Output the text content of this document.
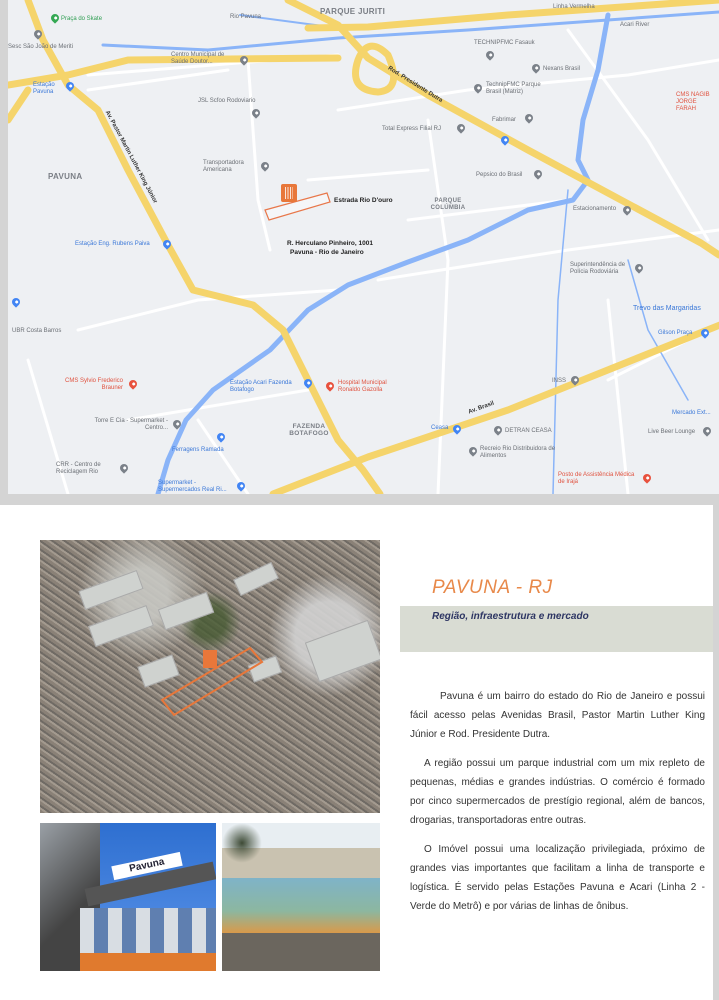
PARQUE JURITI
PAVUNA
PARQUE COLÚMBIA
FAZENDA BOTAFOGO
Av. Pastor Martin Luther King Júnior
Rod. Presidente Dutra
Av. Brasil
Linha Vermelha
Rio Pavuna
Praça do Skate
Sesc São João de Meriti
Estação Pavuna
Centro Municipal de Saúde Doutor...
JSL Scfoo Rodoviario
Transportadora Americana
Estação Eng. Rubens Paiva
TECHNIPFMC Fasauk
Nexans Brasil
TechnipFMC Parque Brasil (Matriz)
Fabrimar
Total Express Filial RJ
Pepsico do Brasil
Estacionamento
CMS NAGIB JORGE FARAH
Acari River
Superintendência de Polícia Rodoviária
Trevo das Margaridas
Gilson Praça
UBR Costa Barros
CMS Sylvio Frederico Brauner
Estação Acari Fazenda Botafogo
Hospital Municipal Ronaldo Gazolla
Torre E Cia - Supermarket - Centro...
Ferragens Ramada
CRR - Centro de Reciclagem Rio
Supermarket - Supermercados Real Ri...
Ceasa	DETRAN CEASA
Recreio Rio Distribuidora de Alimentos
INSS
Mercado Ext...
Live Beer Lounge
Posto de Assistência Médica de Irajá
Estrada Rio D'ouro
R. Herculano Pinheiro, 1001
Pavuna - Rio de Janeiro
Pavuna
PAVUNA - RJ
Região, infraestrutura e mercado

Pavuna é um bairro do estado do Rio de Janeiro e possui fácil acesso pelas Avenidas Brasil, Pastor Martin Luther King Júnior e Rod. Presidente Dutra.

A região possui um parque industrial com um mix repleto de pequenas, médias e grandes indústrias. O comércio é formado por cinco supermercados de prestígio regional, além de bancos, drogarias, transportadoras entre outras.

O Imóvel possui uma localização privilegiada, próximo de grandes vias importantes que facilitam a linha de transporte e logística. É servido pelas Estações Pavuna e Acari (Linha 2 - Verde do Metrô) e por várias de linhas de ônibus.
